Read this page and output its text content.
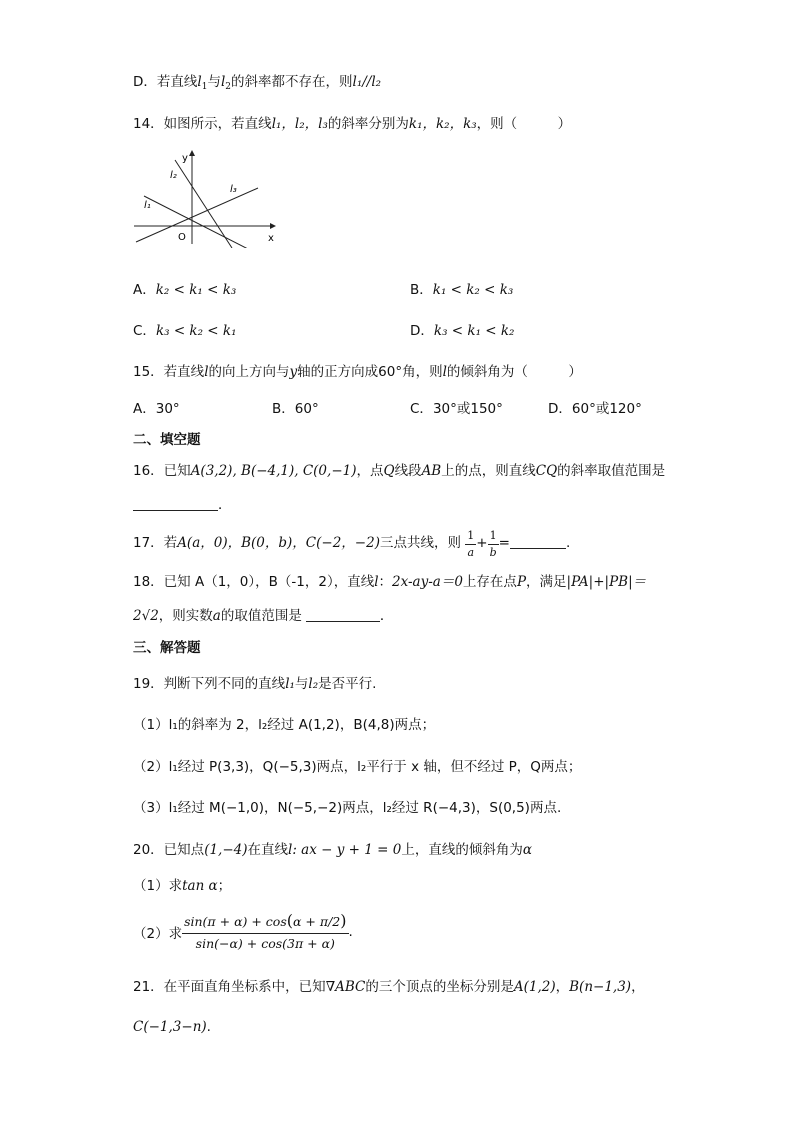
D．若直线$l_1$与$l_2$的斜率都不存在，则l₁//l₂
14．如图所示，若直线l₁，l₂，l₃的斜率分别为k₁，k₂，k₃，则（　　　）
y
x
O
l₁
l₂
l₃
A．k₂ < k₁ < k₃	B．k₁ < k₂ < k₃
C．k₃ < k₂ < k₁	D．k₃ < k₁ < k₂
15．若直线l的向上方向与y轴的正方向成60°角，则l的倾斜角为（　　　）
A．30°	B．60°	C．30°或150°	D．60°或120°
二、填空题
16．已知A(3,2), B(−4,1), C(0,−1)，点Q线段AB上的点，则直线CQ的斜率取值范围是
．
17．若A(a，0)，B(0，b)，C(−2，−2)三点共线，则 $\frac{1}{a} + \frac{1}{b}$ =	.
18．已知 A（1，0），B（-1，2），直线l：2x-ay-a＝0上存在点P，满足|PA|+|PB|＝
2√2，则实数a的取值范围是	．
三、解答题
19．判断下列不同的直线l₁与l₂是否平行.
（1）l₁的斜率为 2，l₂经过 A(1,2)，B(4,8)两点；
（2）l₁经过 P(3,3)，Q(−5,3)两点，l₂平行于 x 轴，但不经过 P，Q两点；
（3）l₁经过 M(−1,0)，N(−5,−2)两点，l₂经过 R(−4,3)，S(0,5)两点.
20．已知点(1,−4)在直线l: ax − y + 1 = 0上，直线的倾斜角为α
（1）求tan α；
（2）求 $\frac{\sin(\pi + \alpha) + \cos(\alpha + \pi/2)}{\sin(-\alpha) + \cos(3\pi + \alpha)}$ .
21．在平面直角坐标系中，已知∇ABC的三个顶点的坐标分别是A(1,2)，B(n−1,3)，
C(−1,3−n).
